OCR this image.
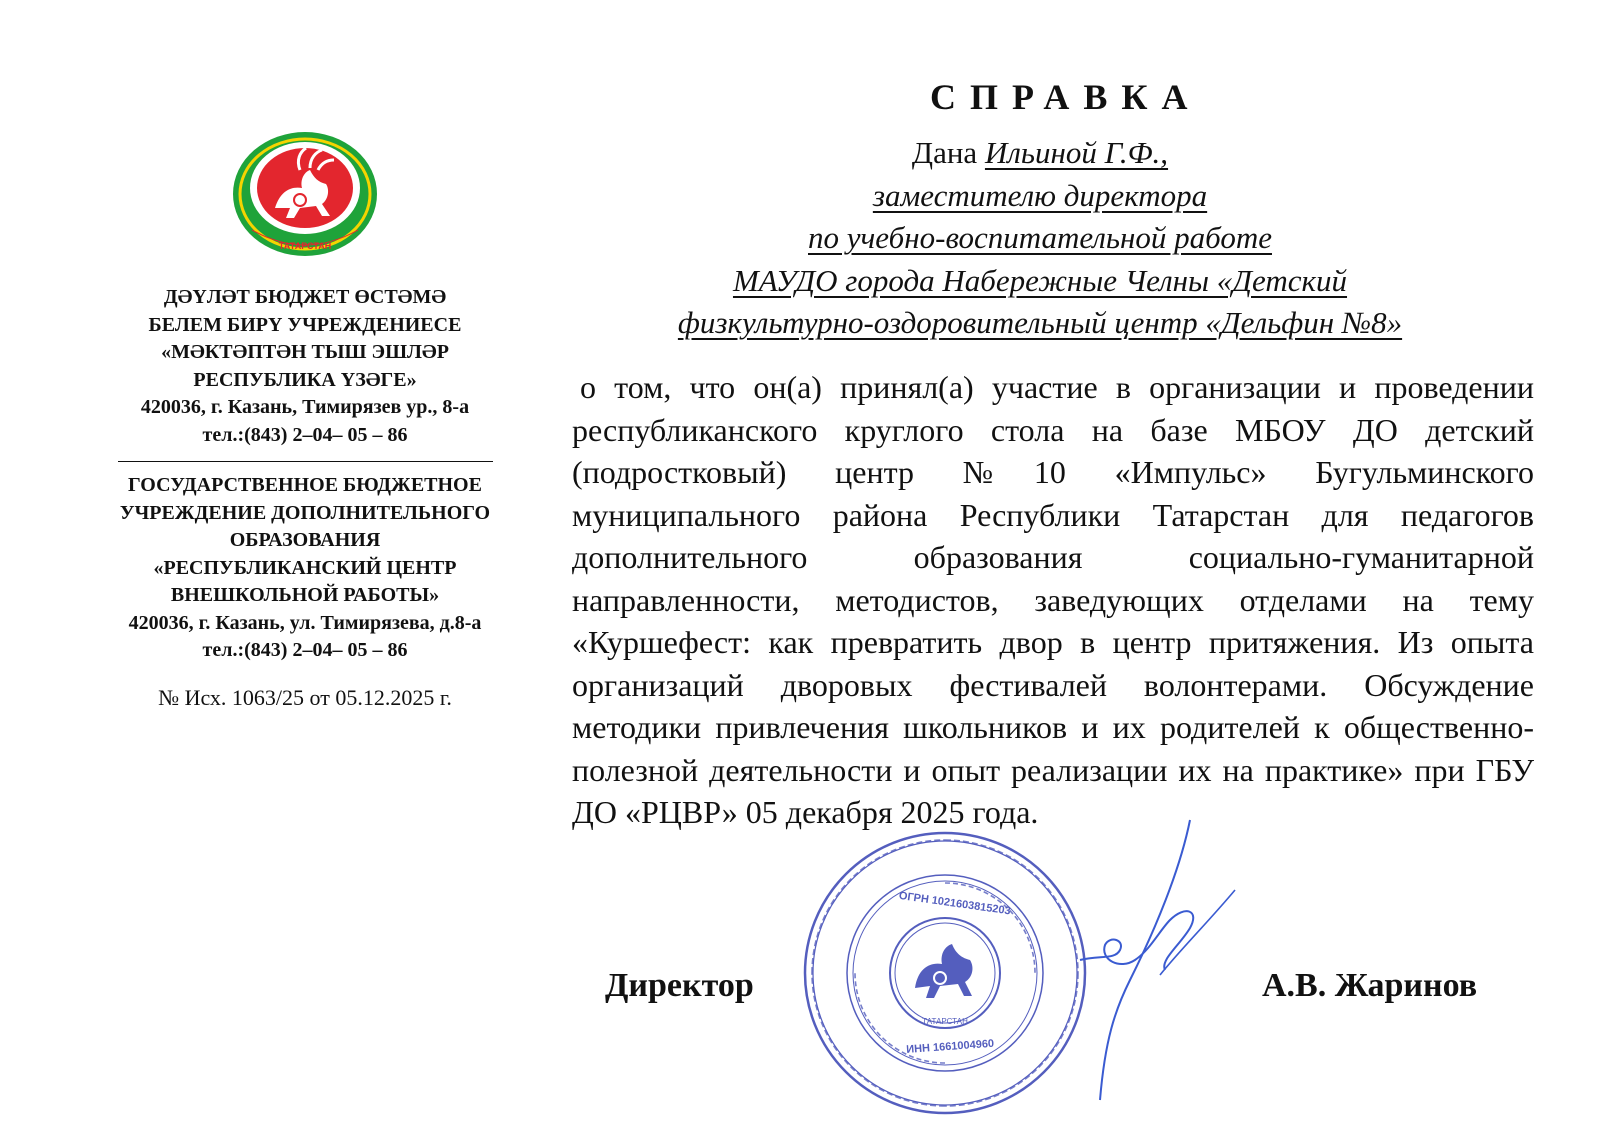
ТАТАРСТАН
ДӘҮЛӘТ БЮДЖЕТ ӨСТӘМӘ
БЕЛЕМ БИРҮ УЧРЕЖДЕНИЕСЕ
«МӘКТӘПТӘН ТЫШ ЭШЛӘР
РЕСПУБЛИКА ҮЗӘГЕ»
420036, г. Казань, Тимирязев ур., 8-а
тел.:(843) 2–04– 05 – 86
ГОСУДАРСТВЕННОЕ БЮДЖЕТНОЕ
УЧРЕЖДЕНИЕ ДОПОЛНИТЕЛЬНОГО
ОБРАЗОВАНИЯ
«РЕСПУБЛИКАНСКИЙ ЦЕНТР
ВНЕШКОЛЬНОЙ РАБОТЫ»
420036, г. Казань, ул. Тимирязева, д.8-а
тел.:(843) 2–04– 05 – 86
№ Исх. 1063/25 от 05.12.2025 г.
СПРАВКА
Дана Ильиной Г.Ф.,
заместителю директора
по учебно-воспитательной работе
МАУДО города Набережные Челны «Детский
физкультурно-оздоровительный центр «Дельфин №8»
о том, что он(а) принял(а) участие в организации и проведении республиканского круглого стола на базе МБОУ ДО детский (подростковый) центр №10 «Импульс» Бугульминского муниципального района Республики Татарстан для педагогов дополнительного образования социально-гуманитарной направленности, методистов, заведующих отделами на тему «Куршефест: как превратить двор в центр притяжения. Из опыта организаций дворовых фестивалей волонтерами. Обсуждение методики привлечения школьников и их родителей к общественно-полезной деятельности и опыт реализации их на практике» при ГБУ ДО «РЦВР» 05 декабря 2025 года.
ОГРН 1021603815203
ИНН 1661004960
ТАТАРСТАН
Директор	А.В. Жаринов
